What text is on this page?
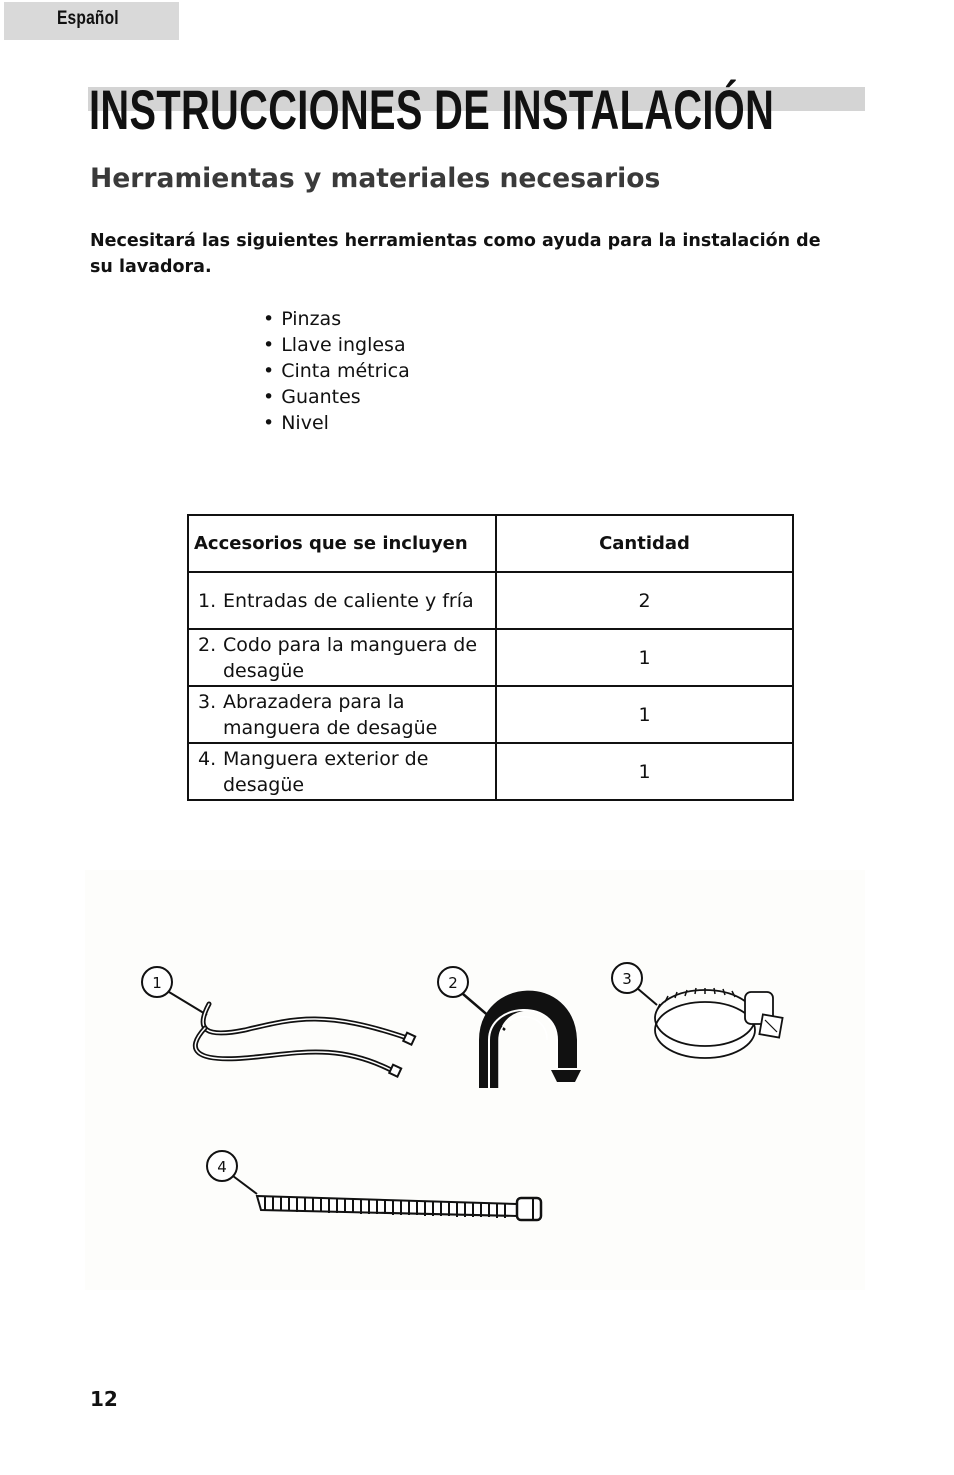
Español
INSTRUCCIONES DE INSTALACIÓN
Herramientas y materiales necesarios

Necesitará las siguientes herramientas como ayuda para la instalación de su lavadora.

• Pinzas
• Llave inglesa
• Cinta métrica
• Guantes
• Nivel
Accesorios que se incluyen	Cantidad

1. Entradas de caliente y fría	2

2. Codo para la manguera de desagüe	1

3. Abrazadera para la manguera de desagüe	1

4. Manguera exterior de desagüe	1
1	2	3
4
12
